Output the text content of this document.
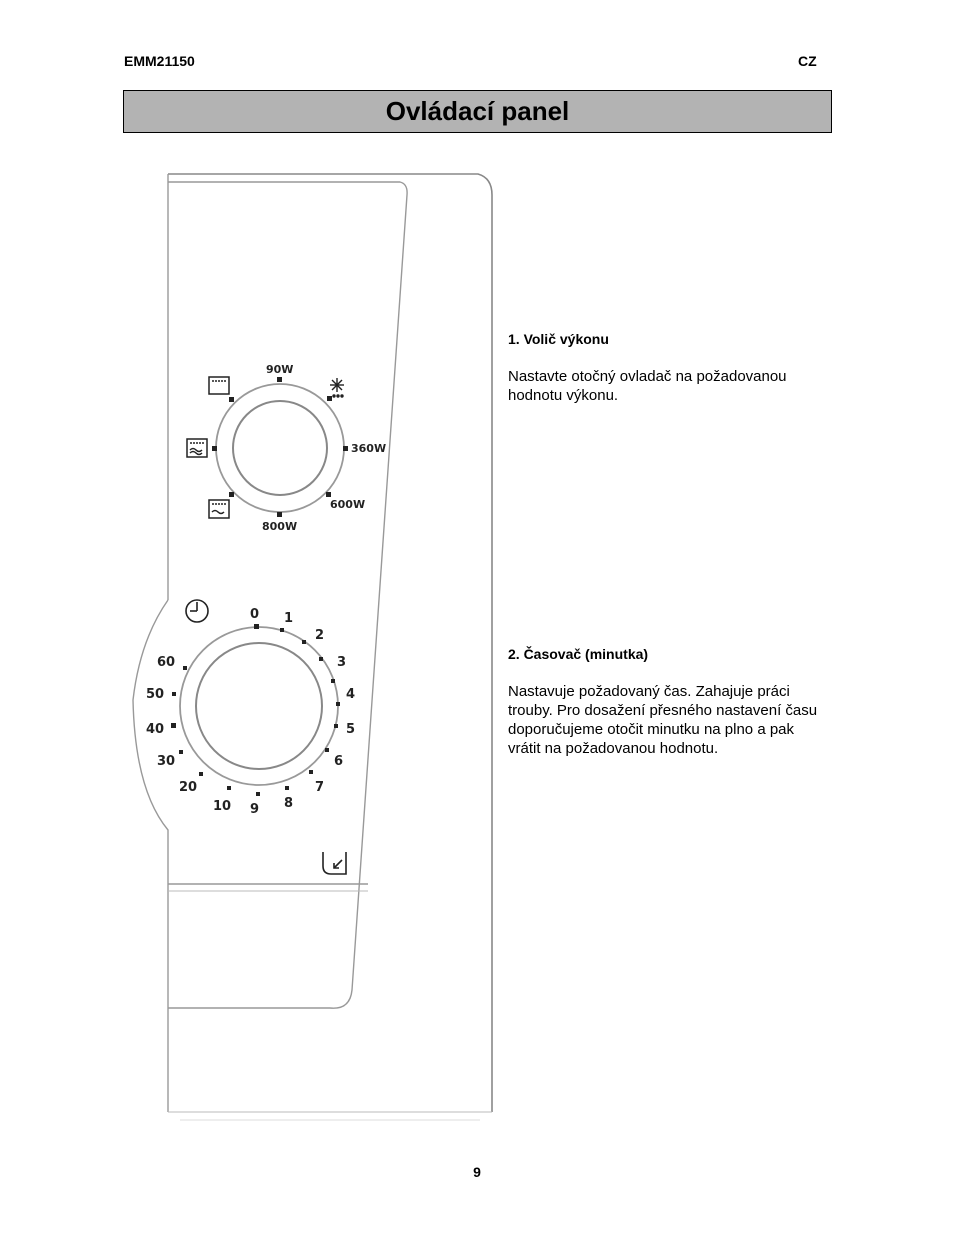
EMM21150	CZ
Ovládací panel
90W
360W
600W
800W
0 1
2
3
4
5
6
7
8
9
10
20
30
40
50
60
1. Volič výkonu

Nastavte otočný ovladač na požadovanou hodnotu výkonu.

2. Časovač (minutka)

Nastavuje požadovaný čas. Zahajuje práci trouby. Pro dosažení přesného nastavení času doporučujeme otočit minutku na plno a pak vrátit na požadovanou hodnotu.

9
